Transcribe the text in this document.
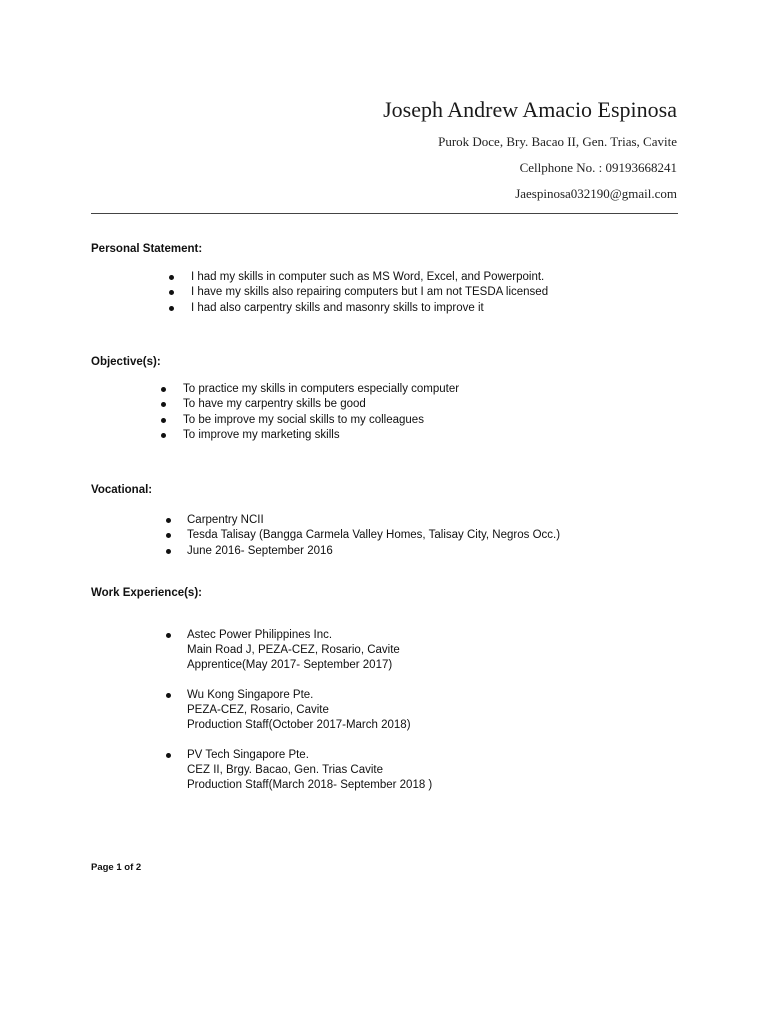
Joseph Andrew Amacio Espinosa
Purok Doce, Bry. Bacao II, Gen. Trias, Cavite
Cellphone No. : 09193668241
Jaespinosa032190@gmail.com
Personal Statement:
I had my skills in computer such as MS Word, Excel, and Powerpoint.
I have my skills also repairing computers but I am not TESDA licensed
I had also carpentry skills and masonry skills to improve it
Objective(s):
To practice my skills in computers especially computer
To have my carpentry skills be good
To be improve my social skills to my colleagues
To improve my marketing skills
Vocational:
Carpentry NCII
Tesda Talisay (Bangga Carmela Valley Homes, Talisay City, Negros Occ.)
June 2016- September 2016
Work Experience(s):
Astec Power Philippines Inc.
Main Road J, PEZA-CEZ, Rosario, Cavite
Apprentice(May 2017- September 2017)
Wu Kong Singapore Pte.
PEZA-CEZ, Rosario, Cavite
Production Staff(October 2017-March 2018)
PV Tech Singapore Pte.
CEZ II, Brgy. Bacao, Gen. Trias Cavite
Production Staff(March 2018- September 2018 )
Page 1 of 2
